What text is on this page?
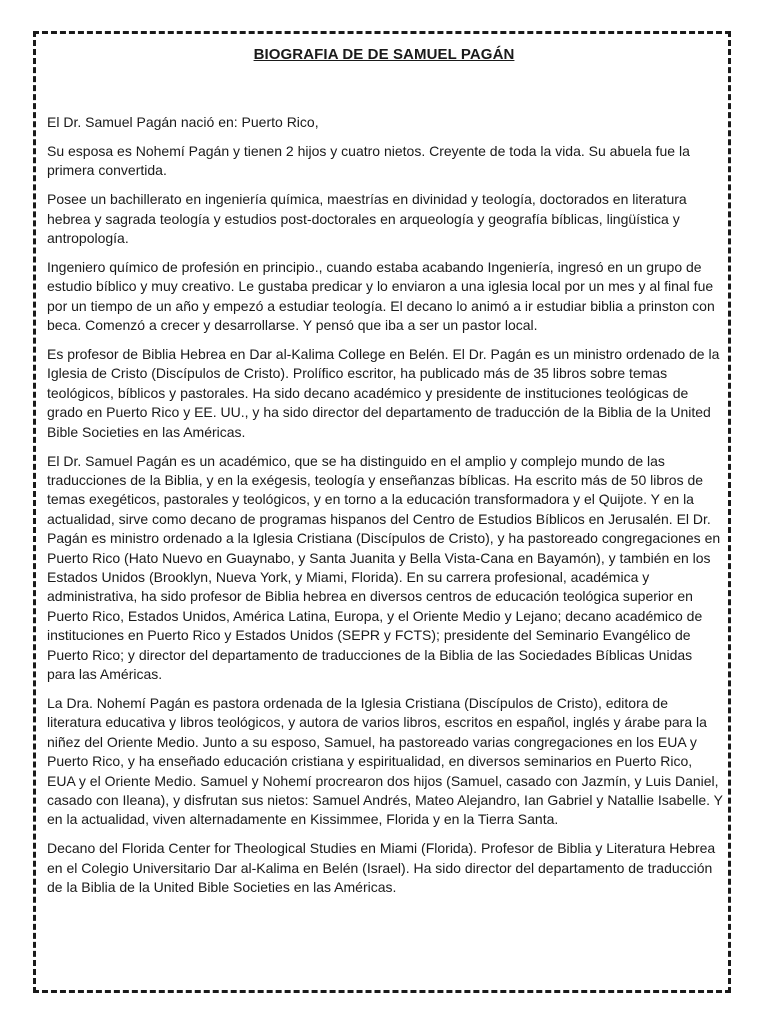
BIOGRAFIA DE DE SAMUEL PAGÁN

El Dr. Samuel Pagán nació en: Puerto Rico,

Su esposa es Nohemí Pagán y tienen 2 hijos y cuatro nietos. Creyente de toda la vida. Su abuela fue la primera convertida.

Posee un bachillerato en ingeniería química, maestrías en divinidad y teología, doctorados en literatura hebrea y sagrada teología y estudios post-doctorales en arqueología y geografía bíblicas, lingüística y antropología.

Ingeniero químico de profesión en principio., cuando estaba acabando Ingeniería, ingresó en un grupo de estudio bíblico y muy creativo. Le gustaba predicar y lo enviaron a una iglesia local por un mes y al final fue por un tiempo de un año y empezó a estudiar teología. El decano lo animó a ir estudiar biblia a prinston con beca. Comenzó a crecer y desarrollarse. Y pensó que iba a ser un pastor local.

Es profesor de Biblia Hebrea en Dar al-Kalima College en Belén. El Dr. Pagán es un ministro ordenado de la Iglesia de Cristo (Discípulos de Cristo). Prolífico escritor, ha publicado más de 35 libros sobre temas teológicos, bíblicos y pastorales. Ha sido decano académico y presidente de instituciones teológicas de grado en Puerto Rico y EE. UU., y ha sido director del departamento de traducción de la Biblia de la United Bible Societies en las Américas.

El Dr. Samuel Pagán es un académico, que se ha distinguido en el amplio y complejo mundo de las traducciones de la Biblia, y en la exégesis, teología y enseñanzas bíblicas. Ha escrito más de 50 libros de temas exegéticos, pastorales y teológicos, y en torno a la educación transformadora y el Quijote. Y en la actualidad, sirve como decano de programas hispanos del Centro de Estudios Bíblicos en Jerusalén. El Dr. Pagán es ministro ordenado a la Iglesia Cristiana (Discípulos de Cristo), y ha pastoreado congregaciones en Puerto Rico (Hato Nuevo en Guaynabo, y Santa Juanita y Bella Vista-Cana en Bayamón), y también en los Estados Unidos (Brooklyn, Nueva York, y Miami, Florida). En su carrera profesional, académica y administrativa, ha sido profesor de Biblia hebrea en diversos centros de educación teológica superior en Puerto Rico, Estados Unidos, América Latina, Europa, y el Oriente Medio y Lejano; decano académico de instituciones en Puerto Rico y Estados Unidos (SEPR y FCTS); presidente del Seminario Evangélico de Puerto Rico; y director del departamento de traducciones de la Biblia de las Sociedades Bíblicas Unidas para las Américas.

La Dra. Nohemí Pagán es pastora ordenada de la Iglesia Cristiana (Discípulos de Cristo), editora de literatura educativa y libros teológicos, y autora de varios libros, escritos en español, inglés y árabe para la niñez del Oriente Medio. Junto a su esposo, Samuel, ha pastoreado varias congregaciones en los EUA y Puerto Rico, y ha enseñado educación cristiana y espiritualidad, en diversos seminarios en Puerto Rico, EUA y el Oriente Medio. Samuel y Nohemí procrearon dos hijos (Samuel, casado con Jazmín, y Luis Daniel, casado con Ileana), y disfrutan sus nietos: Samuel Andrés, Mateo Alejandro, Ian Gabriel y Natallie Isabelle. Y en la actualidad, viven alternadamente en Kissimmee, Florida y en la Tierra Santa.

Decano del Florida Center for Theological Studies en Miami (Florida). Profesor de Biblia y Literatura Hebrea en el Colegio Universitario Dar al-Kalima en Belén (Israel). Ha sido director del departamento de traducción de la Biblia de la United Bible Societies en las Américas.
